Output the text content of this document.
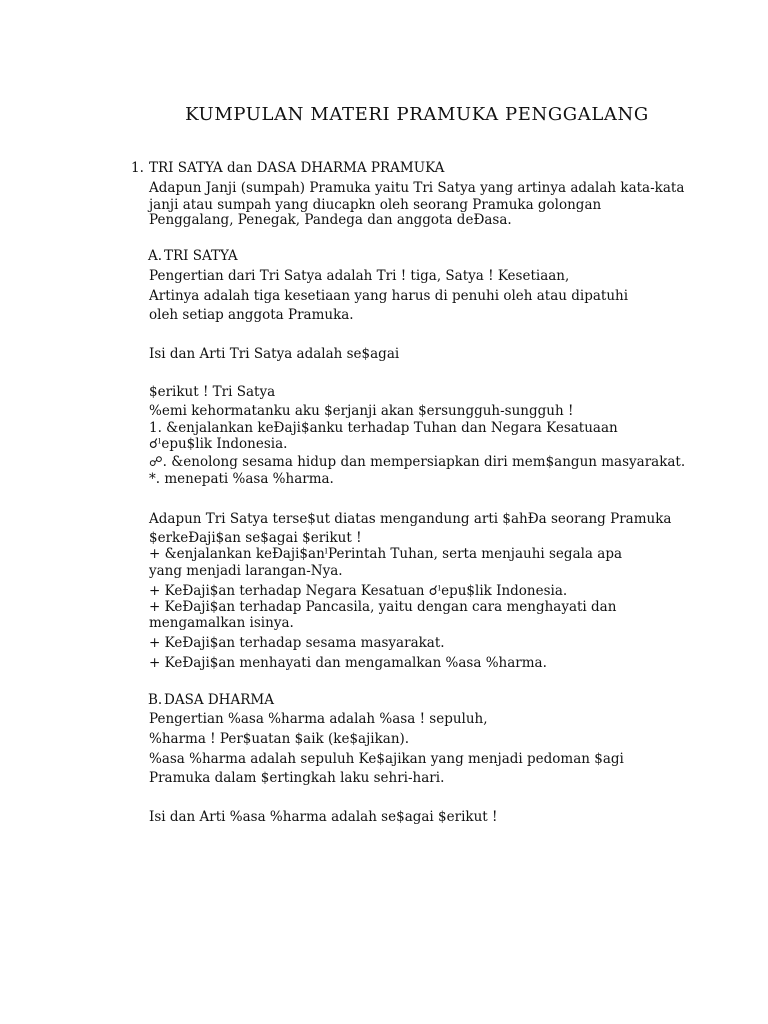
KUMPULAN MATERI PRAMUKA PENGGALANG
1. TRI SATYA dan DASA DHARMA PRAMUKA
Adapun Janji (sumpah) Pramuka yaitu Tri Satya yang artinya adalah kata-kata
janji atau sumpah yang diucapkn oleh seorang Pramuka golongan
Penggalang, Penegak, Pandega dan anggota deƉasa.
A. TRI SATYA
Pengertian dari Tri Satya adalah Tri ! tiga, Satya ! Kesetiaan,
Artinya adalah tiga kesetiaan yang harus di penuhi oleh atau dipatuhi
oleh setiap anggota Pramuka.
Isi dan Arti Tri Satya adalah se$agai
$erikut ! Tri Satya
%emi kehormatanku aku $erjanji akan $ersungguh-sungguh !
1. &enjalankan keƉaji$anku terhadap Tuhan dan Negara Kesatuaan
☌ˡepu$lik Indonesia.
☍. &enolong sesama hidup dan mempersiapkan diri mem$angun masyarakat.
*. menepati %asa %harma.
Adapun Tri Satya terse$ut diatas mengandung arti $ahƉa seorang Pramuka
$erkeƉaji$an se$agai $erikut !
+ &enjalankan keƉaji$anˡPerintah Tuhan, serta menjauhi segala apa
yang menjadi larangan-Nya.
+ KeƉaji$an terhadap Negara Kesatuan ☌ˡepu$lik Indonesia.
+ KeƉaji$an terhadap Pancasila, yaitu dengan cara menghayati dan
mengamalkan isinya.
+ KeƉaji$an terhadap sesama masyarakat.
+ KeƉaji$an menhayati dan mengamalkan %asa %harma.
B. DASA DHARMA
Pengertian %asa %harma adalah %asa ! sepuluh,
%harma ! Per$uatan $aik (ke$ajikan).
%asa %harma adalah sepuluh Ke$ajikan yang menjadi pedoman $agi
Pramuka dalam $ertingkah laku sehri-hari.
Isi dan Arti %asa %harma adalah se$agai $erikut !
